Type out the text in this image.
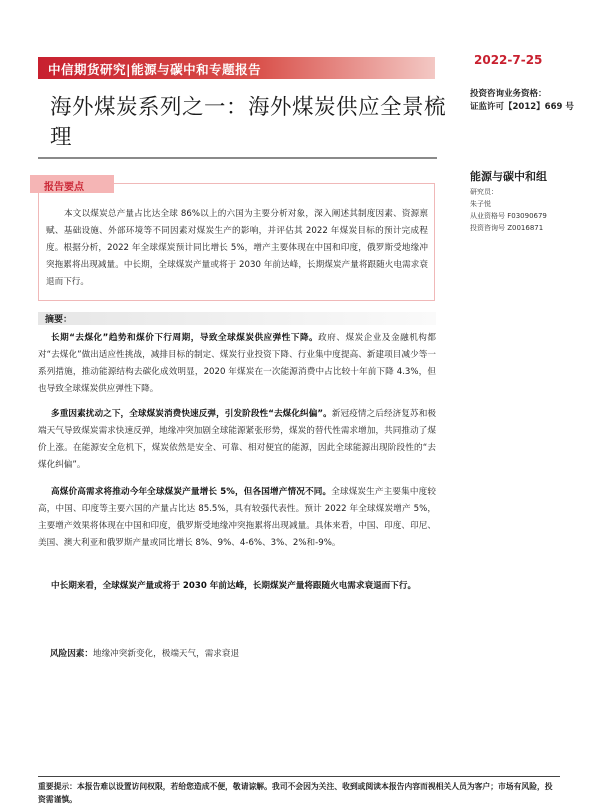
中信期货研究|能源与碳中和专题报告
2022-7-25
投资咨询业务资格：
证监许可【2012】669 号
海外煤炭系列之一：海外煤炭供应全景梳理
能源与碳中和组
研究员：
朱子悦
从业资格号 F03090679
投资咨询号 Z0016871
报告要点
本文以煤炭总产量占比达全球 86%以上的六国为主要分析对象，深入阐述其制度因素、资源禀赋、基础设施、外部环境等不同因素对煤炭生产的影响，并评估其 2022 年煤炭目标的预计完成程度。根据分析，2022 年全球煤炭预计同比增长 5%，增产主要体现在中国和印度，俄罗斯受地缘冲突拖累将出现减量。中长期，全球煤炭产量或将于 2030 年前达峰，长期煤炭产量将跟随火电需求衰退而下行。
摘要：
长期“去煤化”趋势和煤价下行周期，导致全球煤炭供应弹性下降。政府、煤炭企业及金融机构都对“去煤化”做出适应性挑战，减排目标的制定、煤炭行业投资下降、行业集中度提高、新建项目减少等一系列措施，推动能源结构去碳化成效明显，2020 年煤炭在一次能源消费中占比较十年前下降 4.3%，但也导致全球煤炭供应弹性下降。
多重因素扰动之下，全球煤炭消费快速反弹，引发阶段性“去煤化纠偏”。新冠疫情之后经济复苏和极端天气导致煤炭需求快速反弹，地缘冲突加剧全球能源紧张形势，煤炭的替代性需求增加，共同推动了煤价上涨。在能源安全危机下，煤炭依然是安全、可靠、相对便宜的能源，因此全球能源出现阶段性的“去煤化纠偏”。
高煤价高需求将推动今年全球煤炭产量增长 5%，但各国增产情况不同。全球煤炭生产主要集中度较高，中国、印度等主要六国的产量占比达 85.5%，具有较强代表性。预计 2022 年全球煤炭增产 5%，主要增产效果将体现在中国和印度，俄罗斯受地缘冲突拖累将出现减量。具体来看，中国、印度、印尼、美国、澳大利亚和俄罗斯产量或同比增长 8%、9%、4-6%、3%、2%和-9%。
中长期来看，全球煤炭产量或将于 2030 年前达峰，长期煤炭产量将跟随火电需求衰退而下行。
风险因素：地缘冲突新变化，极端天气，需求衰退
重要提示：本报告难以设置访问权限，若给您造成不便，敬请谅解。我司不会因为关注、收到或阅读本报告内容而视相关人员为客户；市场有风险，投资需谨慎。
